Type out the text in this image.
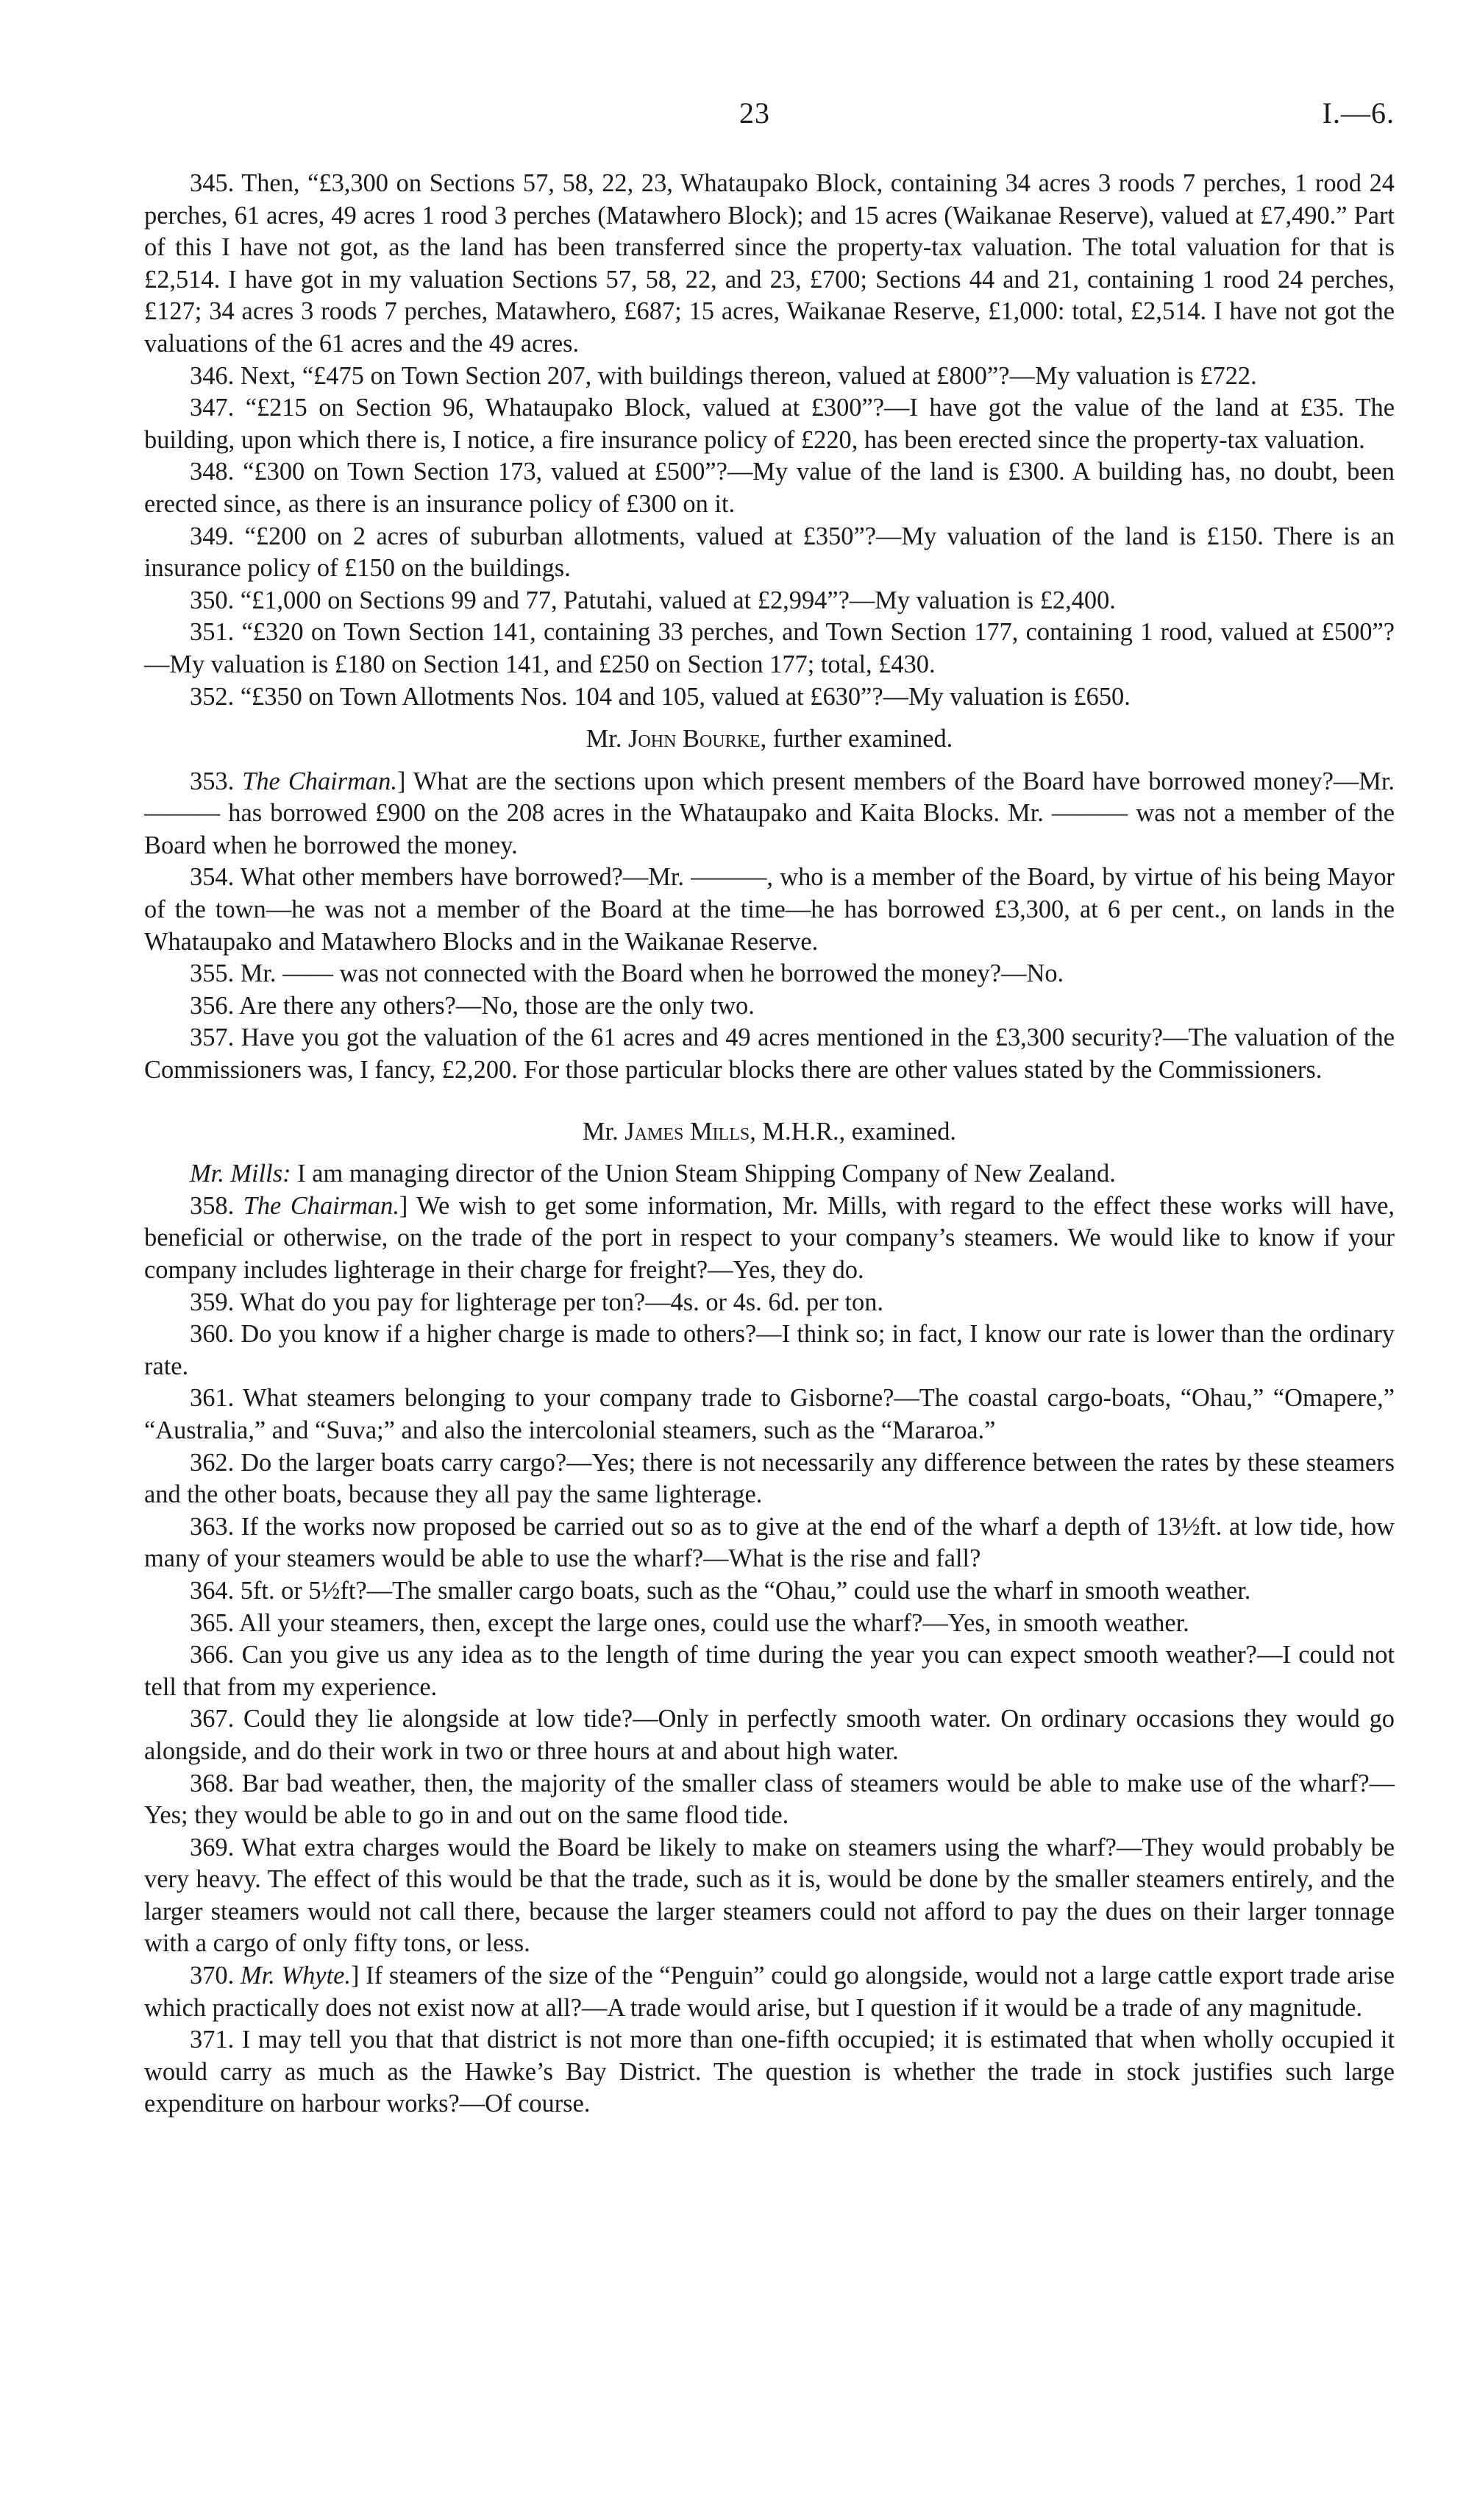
23	I.—6.

345. Then, “£3,300 on Sections 57, 58, 22, 23, Whataupako Block, containing 34 acres 3 roods 7 perches, 1 rood 24 perches, 61 acres, 49 acres 1 rood 3 perches (Matawhero Block); and 15 acres (Waikanae Reserve), valued at £7,490.” Part of this I have not got, as the land has been transferred since the property-tax valuation. The total valuation for that is £2,514. I have got in my valuation Sections 57, 58, 22, and 23, £700; Sections 44 and 21, containing 1 rood 24 perches, £127; 34 acres 3 roods 7 perches, Matawhero, £687; 15 acres, Waikanae Reserve, £1,000: total, £2,514. I have not got the valuations of the 61 acres and the 49 acres.

346. Next, “£475 on Town Section 207, with buildings thereon, valued at £800”?—My valuation is £722.

347. “£215 on Section 96, Whataupako Block, valued at £300”?—I have got the value of the land at £35. The building, upon which there is, I notice, a fire insurance policy of £220, has been erected since the property-tax valuation.

348. “£300 on Town Section 173, valued at £500”?—My value of the land is £300. A building has, no doubt, been erected since, as there is an insurance policy of £300 on it.

349. “£200 on 2 acres of suburban allotments, valued at £350”?—My valuation of the land is £150. There is an insurance policy of £150 on the buildings.

350. “£1,000 on Sections 99 and 77, Patutahi, valued at £2,994”?—My valuation is £2,400.

351. “£320 on Town Section 141, containing 33 perches, and Town Section 177, containing 1 rood, valued at £500”?—My valuation is £180 on Section 141, and £250 on Section 177; total, £430.

352. “£350 on Town Allotments Nos. 104 and 105, valued at £630”?—My valuation is £650.

Mr. John Bourke, further examined.

353. The Chairman.] What are the sections upon which present members of the Board have borrowed money?—Mr. ——— has borrowed £900 on the 208 acres in the Whataupako and Kaita Blocks. Mr. ——— was not a member of the Board when he borrowed the money.

354. What other members have borrowed?—Mr. ———, who is a member of the Board, by virtue of his being Mayor of the town—he was not a member of the Board at the time—he has borrowed £3,300, at 6 per cent., on lands in the Whataupako and Matawhero Blocks and in the Waikanae Reserve.

355. Mr. —— was not connected with the Board when he borrowed the money?—No.

356. Are there any others?—No, those are the only two.

357. Have you got the valuation of the 61 acres and 49 acres mentioned in the £3,300 security?—The valuation of the Commissioners was, I fancy, £2,200. For those particular blocks there are other values stated by the Commissioners.

Mr. James Mills, M.H.R., examined.

Mr. Mills: I am managing director of the Union Steam Shipping Company of New Zealand.

358. The Chairman.] We wish to get some information, Mr. Mills, with regard to the effect these works will have, beneficial or otherwise, on the trade of the port in respect to your company’s steamers. We would like to know if your company includes lighterage in their charge for freight?—Yes, they do.

359. What do you pay for lighterage per ton?—4s. or 4s. 6d. per ton.

360. Do you know if a higher charge is made to others?—I think so; in fact, I know our rate is lower than the ordinary rate.

361. What steamers belonging to your company trade to Gisborne?—The coastal cargo-boats, “Ohau,” “Omapere,” “Australia,” and “Suva;” and also the intercolonial steamers, such as the “Mararoa.”

362. Do the larger boats carry cargo?—Yes; there is not necessarily any difference between the rates by these steamers and the other boats, because they all pay the same lighterage.

363. If the works now proposed be carried out so as to give at the end of the wharf a depth of 13½ft. at low tide, how many of your steamers would be able to use the wharf?—What is the rise and fall?

364. 5ft. or 5½ft?—The smaller cargo boats, such as the “Ohau,” could use the wharf in smooth weather.

365. All your steamers, then, except the large ones, could use the wharf?—Yes, in smooth weather.

366. Can you give us any idea as to the length of time during the year you can expect smooth weather?—I could not tell that from my experience.

367. Could they lie alongside at low tide?—Only in perfectly smooth water. On ordinary occasions they would go alongside, and do their work in two or three hours at and about high water.

368. Bar bad weather, then, the majority of the smaller class of steamers would be able to make use of the wharf?—Yes; they would be able to go in and out on the same flood tide.

369. What extra charges would the Board be likely to make on steamers using the wharf?—They would probably be very heavy. The effect of this would be that the trade, such as it is, would be done by the smaller steamers entirely, and the larger steamers would not call there, because the larger steamers could not afford to pay the dues on their larger tonnage with a cargo of only fifty tons, or less.

370. Mr. Whyte.] If steamers of the size of the “Penguin” could go alongside, would not a large cattle export trade arise which practically does not exist now at all?—A trade would arise, but I question if it would be a trade of any magnitude.

371. I may tell you that that district is not more than one-fifth occupied; it is estimated that when wholly occupied it would carry as much as the Hawke’s Bay District. The question is whether the trade in stock justifies such large expenditure on harbour works?—Of course.
